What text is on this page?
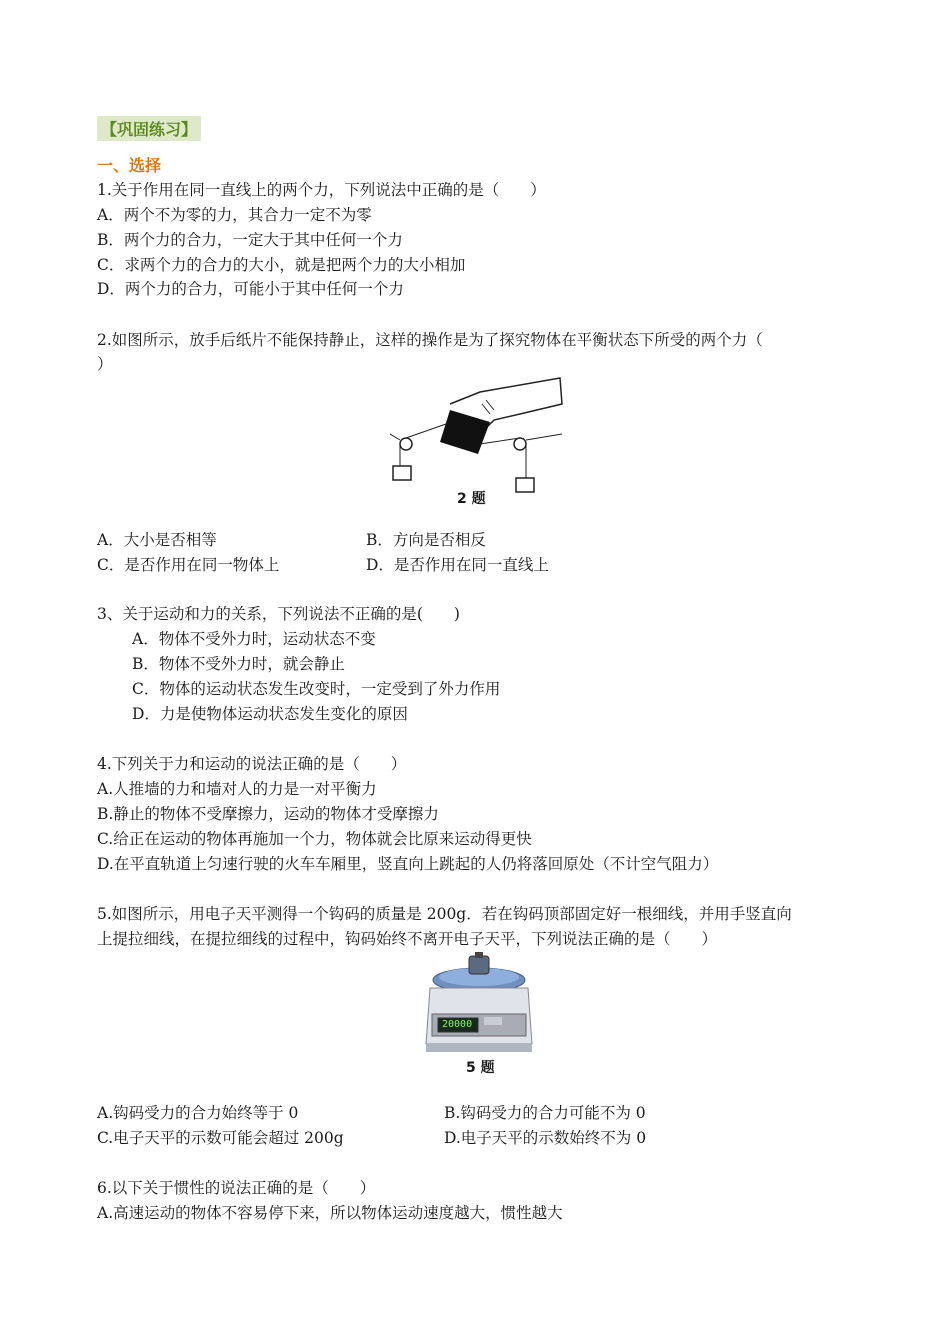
【巩固练习】
一、选择
1.关于作用在同一直线上的两个力，下列说法中正确的是（　　）
A．两个不为零的力，其合力一定不为零
B．两个力的合力，一定大于其中任何一个力
C．求两个力的合力的大小，就是把两个力的大小相加
D．两个力的合力，可能小于其中任何一个力
2.如图所示，放手后纸片不能保持静止，这样的操作是为了探究物体在平衡状态下所受的两个力（
）
2 题
A．大小是否相等	B．方向是否相反
C．是否作用在同一物体上	D．是否作用在同一直线上
3、关于运动和力的关系，下列说法不正确的是(　　)
A．物体不受外力时，运动状态不变
B．物体不受外力时，就会静止
C．物体的运动状态发生改变时，一定受到了外力作用
D．力是使物体运动状态发生变化的原因
4.下列关于力和运动的说法正确的是（　　）
A.人推墙的力和墙对人的力是一对平衡力
B.静止的物体不受摩擦力，运动的物体才受摩擦力
C.给正在运动的物体再施加一个力，物体就会比原来运动得更快
D.在平直轨道上匀速行驶的火车车厢里，竖直向上跳起的人仍将落回原处（不计空气阻力）
5.如图所示，用电子天平测得一个钩码的质量是 200g．若在钩码顶部固定好一根细线，并用手竖直向
上提拉细线，在提拉细线的过程中，钩码始终不离开电子天平，下列说法正确的是（　　）
20000
5 题
A.钩码受力的合力始终等于 0	B.钩码受力的合力可能不为 0
C.电子天平的示数可能会超过 200g	D.电子天平的示数始终不为 0
6.以下关于惯性的说法正确的是（　　）
A.高速运动的物体不容易停下来，所以物体运动速度越大，惯性越大
